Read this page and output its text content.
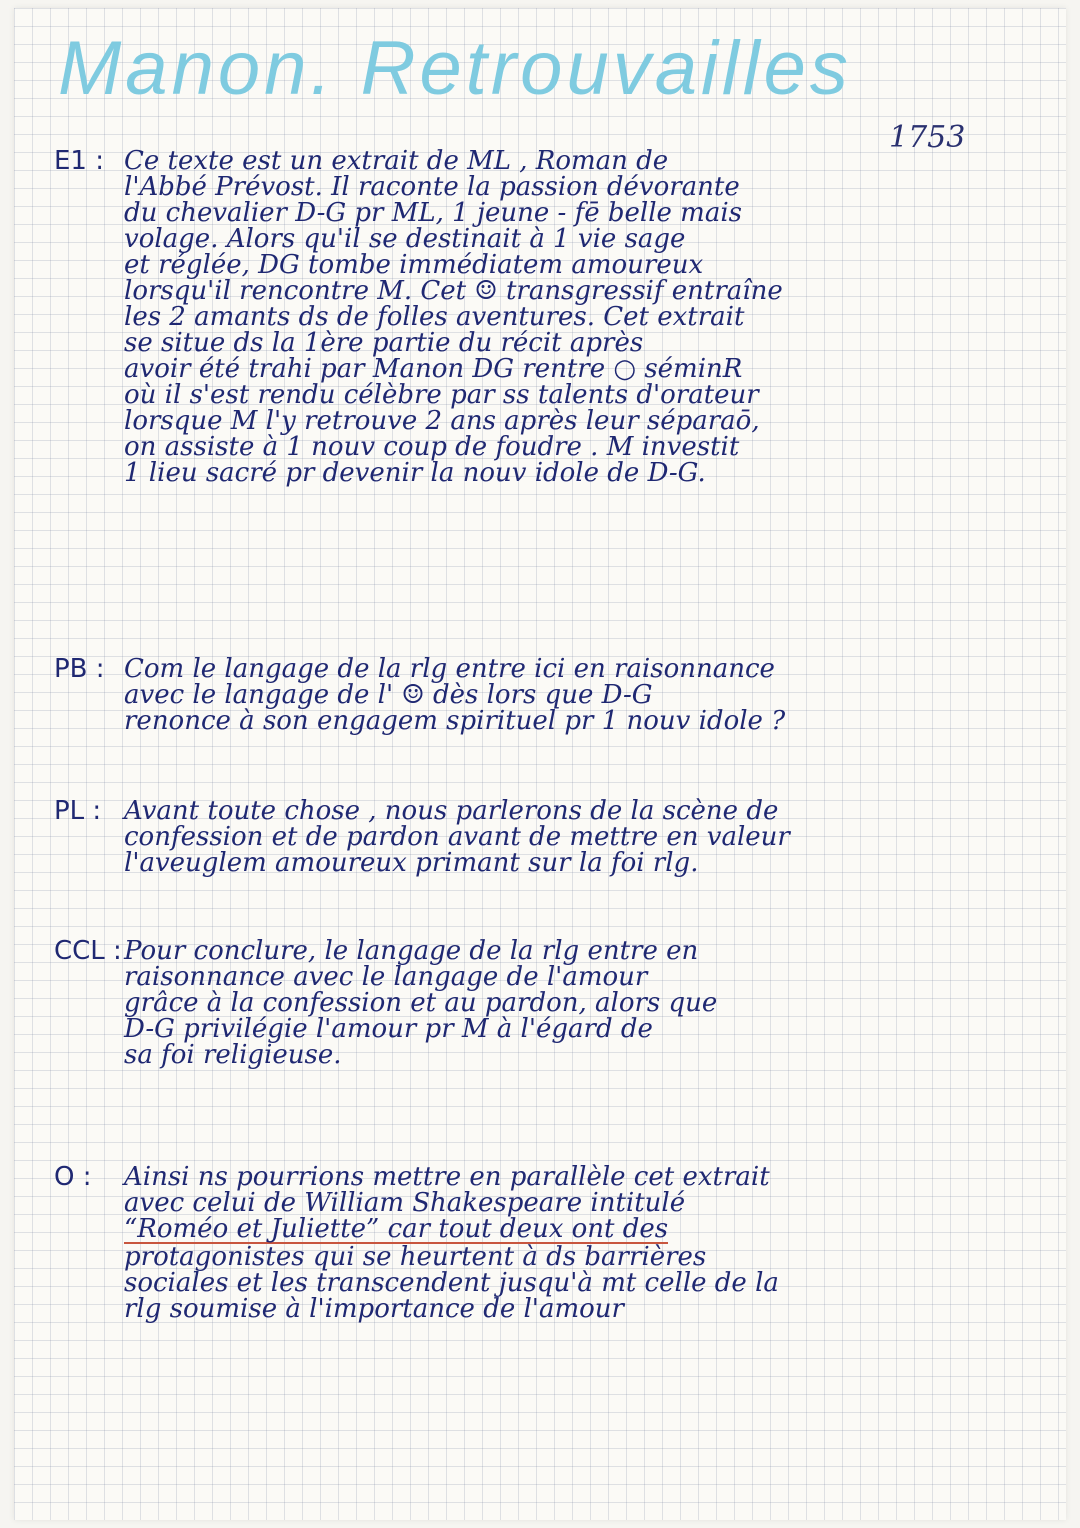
Manon. Retrouvailles
1753
E1 : Ce texte est un extrait de ML , Roman de
l'Abbé Prévost. Il raconte la passion dévorante
du chevalier D-G pr ML, 1 jeune - fē belle mais
volage. Alors qu'il se destinait à 1 vie sage
et réglée, DG tombe immédiatem amoureux
lorsqu'il rencontre M. Cet ☺ transgressif entraîne
les 2 amants ds de folles aventures. Cet extrait
se situe ds la 1ère partie du récit après
avoir été trahi par Manon DG rentre ○ séminR
où il s'est rendu célèbre par ss talents d'orateur
lorsque M l'y retrouve 2 ans après leur séparaō,
on assiste à 1 nouv coup de foudre . M investit
1 lieu sacré pr devenir la nouv idole de D-G.
PB : Com le langage de la rlg entre ici en raisonnance
avec le langage de l' ☺ dès lors que D-G
renonce à son engagem spirituel pr 1 nouv idole ?
PL : Avant toute chose , nous parlerons de la scène de
confession et de pardon avant de mettre en valeur
l'aveuglem amoureux primant sur la foi rlg.
CCL : Pour conclure, le langage de la rlg entre en
raisonnance avec le langage de l'amour
grâce à la confession et au pardon, alors que
D-G privilégie l'amour pr M à l'égard de
sa foi religieuse.
O : Ainsi ns pourrions mettre en parallèle cet extrait
avec celui de William Shakespeare intitulé
“Roméo et Juliette” car tout deux ont des
protagonistes qui se heurtent à ds barrières
sociales et les transcendent jusqu'à mt celle de la
rlg soumise à l'importance de l'amour
